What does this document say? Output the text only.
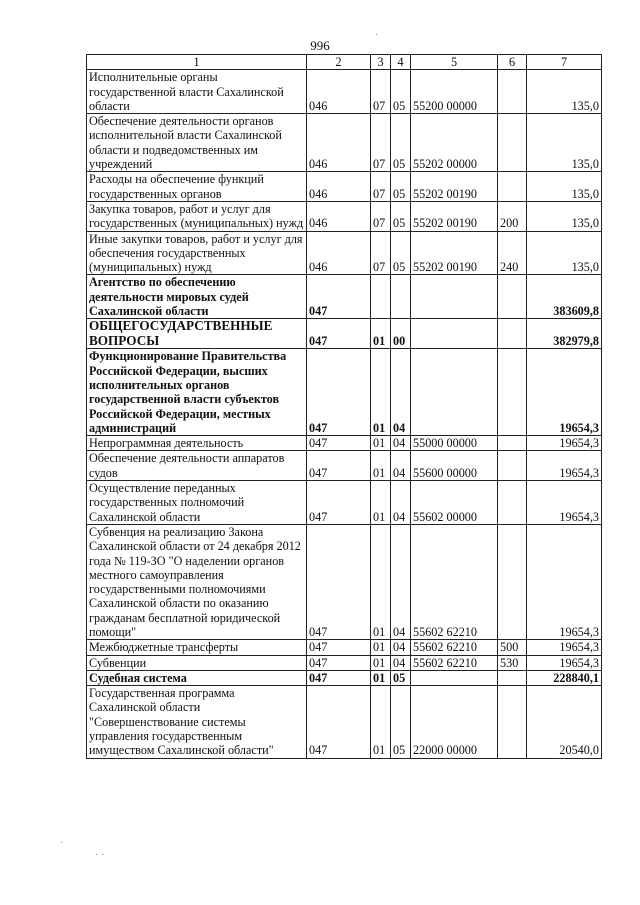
996
1	2	3	4	5	6	7
Исполнительные органы государственной власти Сахалинской области	046	07	05	55200 00000		135,0
Обеспечение деятельности органов исполнительной власти Сахалинской области и подведомственных им учреждений	046	07	05	55202 00000		135,0
Расходы на обеспечение функций государственных органов	046	07	05	55202 00190		135,0
Закупка товаров, работ и услуг для государственных (муниципальных) нужд	046	07	05	55202 00190	200	135,0
Иные закупки товаров, работ и услуг для обеспечения государственных (муниципальных) нужд	046	07	05	55202 00190	240	135,0
Агентство по обеспечению деятельности мировых судей Сахалинской области	047					383609,8
ОБЩЕГОСУДАРСТВЕННЫЕ ВОПРОСЫ	047	01	00			382979,8
Функционирование Правительства Российской Федерации, высших исполнительных органов государственной власти субъектов Российской Федерации, местных администраций	047	01	04			19654,3
Непрограммная деятельность	047	01	04	55000 00000		19654,3
Обеспечение деятельности аппаратов судов	047	01	04	55600 00000		19654,3
Осуществление переданных государственных полномочий Сахалинской области	047	01	04	55602 00000		19654,3
Субвенция на реализацию Закона Сахалинской области от 24 декабря 2012 года № 119-ЗО "О наделении органов местного самоуправления государственными полномочиями Сахалинской области по оказанию гражданам бесплатной юридической помощи"	047	01	04	55602 62210		19654,3
Межбюджетные трансферты	047	01	04	55602 62210	500	19654,3
Субвенции	047	01	04	55602 62210	530	19654,3
Судебная система	047	01	05			228840,1
Государственная программа Сахалинской области "Совершенствование системы управления государственным имуществом Сахалинской области"	047	01	05	22000 00000		20540,0
·
·
· ·
